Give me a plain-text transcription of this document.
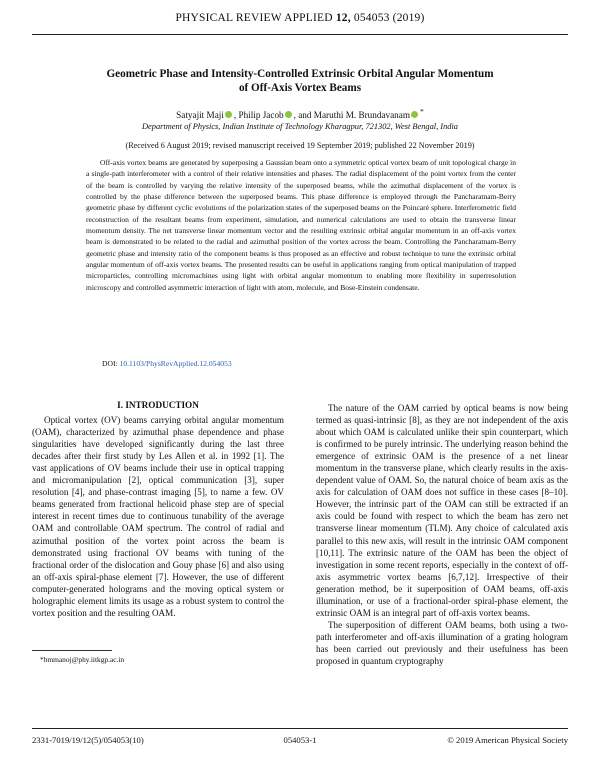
PHYSICAL REVIEW APPLIED 12, 054053 (2019)
Geometric Phase and Intensity-Controlled Extrinsic Orbital Angular Momentum
of Off-Axis Vortex Beams
Satyajit Maji , Philip Jacob , and Maruthi M. Brundavanam *
Department of Physics, Indian Institute of Technology Kharagpur, 721302, West Bengal, India
(Received 6 August 2019; revised manuscript received 19 September 2019; published 22 November 2019)

Off-axis vortex beams are generated by superposing a Gaussian beam onto a symmetric optical vortex beam of unit topological charge in a single-path interferometer with a control of their relative intensities and phases. The radial displacement of the point vortex from the center of the beam is controlled by varying the relative intensity of the superposed beams, while the azimuthal displacement of the vortex is controlled by the phase difference between the superposed beams. This phase difference is employed through the Pancharatnam-Berry geometric phase by different cyclic evolutions of the polarization states of the superposed beams on the Poincaré sphere. Interferometric field reconstruction of the resultant beams from experiment, simulation, and numerical calculations are used to obtain the transverse linear momentum density. The net transverse linear momentum vector and the resulting extrinsic orbital angular momentum in an off-axis vortex beam is demonstrated to be related to the radial and azimuthal position of the vortex across the beam. Controlling the Pancharatnam-Berry geometric phase and intensity ratio of the component beams is thus proposed as an effective and robust technique to tune the extrinsic orbital angular momentum of off-axis vortex beams. The presented results can be useful in applications ranging from optical manipulation of trapped microparticles, controlling micromachines using light with orbital angular momentum to enabling more flexibility in superresolution microscopy and controlled asymmetric interaction of light with atom, molecule, and Bose-Einstein condensate.

DOI: 10.1103/PhysRevApplied.12.054053

I. INTRODUCTION

Optical vortex (OV) beams carrying orbital angular momentum (OAM), characterized by azimuthal phase dependence and phase singularities have developed significantly during the last three decades after their first study by Les Allen et al. in 1992 [1]. The vast applications of OV beams include their use in optical trapping and micromanipulation [2], optical communication [3], super resolution [4], and phase-contrast imaging [5], to name a few. OV beams generated from fractional helicoid phase step are of special interest in recent times due to continuous tunability of the average OAM and controllable OAM spectrum. The control of radial and azimuthal position of the vortex point across the beam is demonstrated using fractional OV beams with tuning of the fractional order of the dislocation and Gouy phase [6] and also using an off-axis spiral-phase element [7]. However, the use of different computer-generated holograms and the moving optical system or holographic element limits its usage as a robust system to control the vortex position and the resulting OAM.

The nature of the OAM carried by optical beams is now being termed as quasi-intrinsic [8], as they are not independent of the axis about which OAM is calculated unlike their spin counterpart, which is confirmed to be purely intrinsic. The underlying reason behind the emergence of extrinsic OAM is the presence of a net linear momentum in the transverse plane, which clearly results in the axis-dependent value of OAM. So, the natural choice of beam axis as the axis for calculation of OAM does not suffice in these cases [8–10]. However, the intrinsic part of the OAM can still be extracted if an axis could be found with respect to which the beam has zero net transverse linear momentum (TLM). Any choice of calculated axis parallel to this new axis, will result in the intrinsic OAM component [10,11]. The extrinsic nature of the OAM has been the object of investigation in some recent reports, especially in the context of off-axis asymmetric vortex beams [6,7,12]. Irrespective of their generation method, be it superposition of OAM beams, off-axis illumination, or use of a fractional-order spiral-phase element, the extrinsic OAM is an integral part of off-axis vortex beams.

The superposition of different OAM beams, both using a two-path interferometer and off-axis illumination of a grating hologram has been carried out previously and their usefulness has been proposed in quantum cryptography

*bmmanoj@phy.iitkgp.ac.in
2331-7019/19/12(5)/054053(10)	054053-1	© 2019 American Physical Society
